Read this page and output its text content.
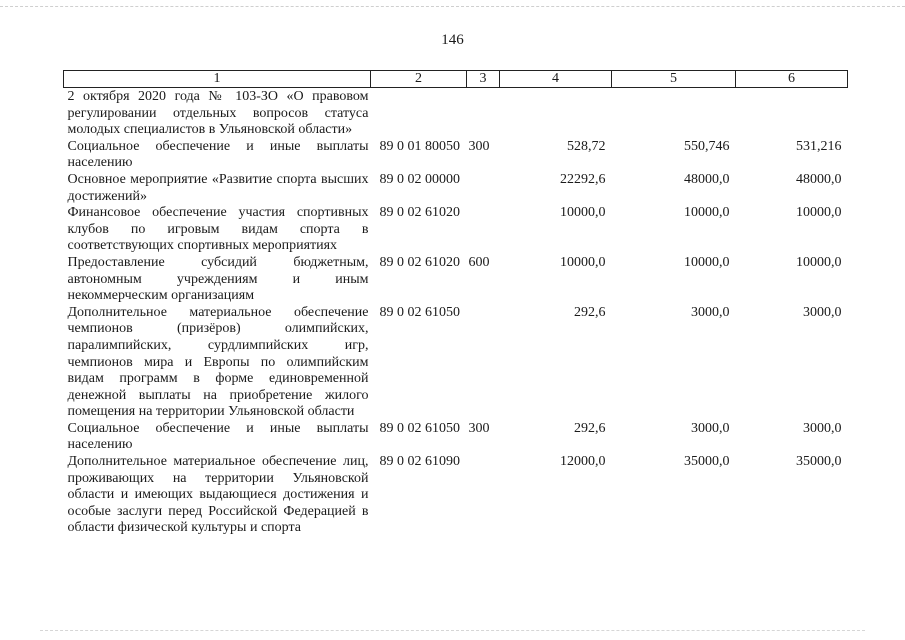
146
1	2	3	4	5	6

2 октября 2020 года № 103-ЗО «О правовом регулировании отдельных вопросов статуса молодых специалистов в Ульяновской области»					
Социальное обеспечение и иные выплаты населению	89 0 01 80050	300	528,72	550,746	531,216
Основное мероприятие «Развитие спорта высших достижений»	89 0 02 00000		22292,6	48000,0	48000,0
Финансовое обеспечение участия спортивных клубов по игровым видам спорта в соответствующих спортивных мероприятиях	89 0 02 61020		10000,0	10000,0	10000,0
Предоставление субсидий бюджетным, автономным учреждениям и иным некоммерческим организациям	89 0 02 61020	600	10000,0	10000,0	10000,0
Дополнительное материальное обеспечение чемпионов (призёров) олимпийских, паралимпийских, сурдлимпийских игр, чемпионов мира и Европы по олимпийским видам программ в форме единовременной денежной выплаты на приобретение жилого помещения на территории Ульяновской области	89 0 02 61050		292,6	3000,0	3000,0
Социальное обеспечение и иные выплаты населению	89 0 02 61050	300	292,6	3000,0	3000,0
Дополнительное материальное обеспечение лиц, проживающих на территории Ульяновской области и имеющих выдающиеся достижения и особые заслуги перед Российской Федерацией в области физической культуры и спорта	89 0 02 61090		12000,0	35000,0	35000,0
